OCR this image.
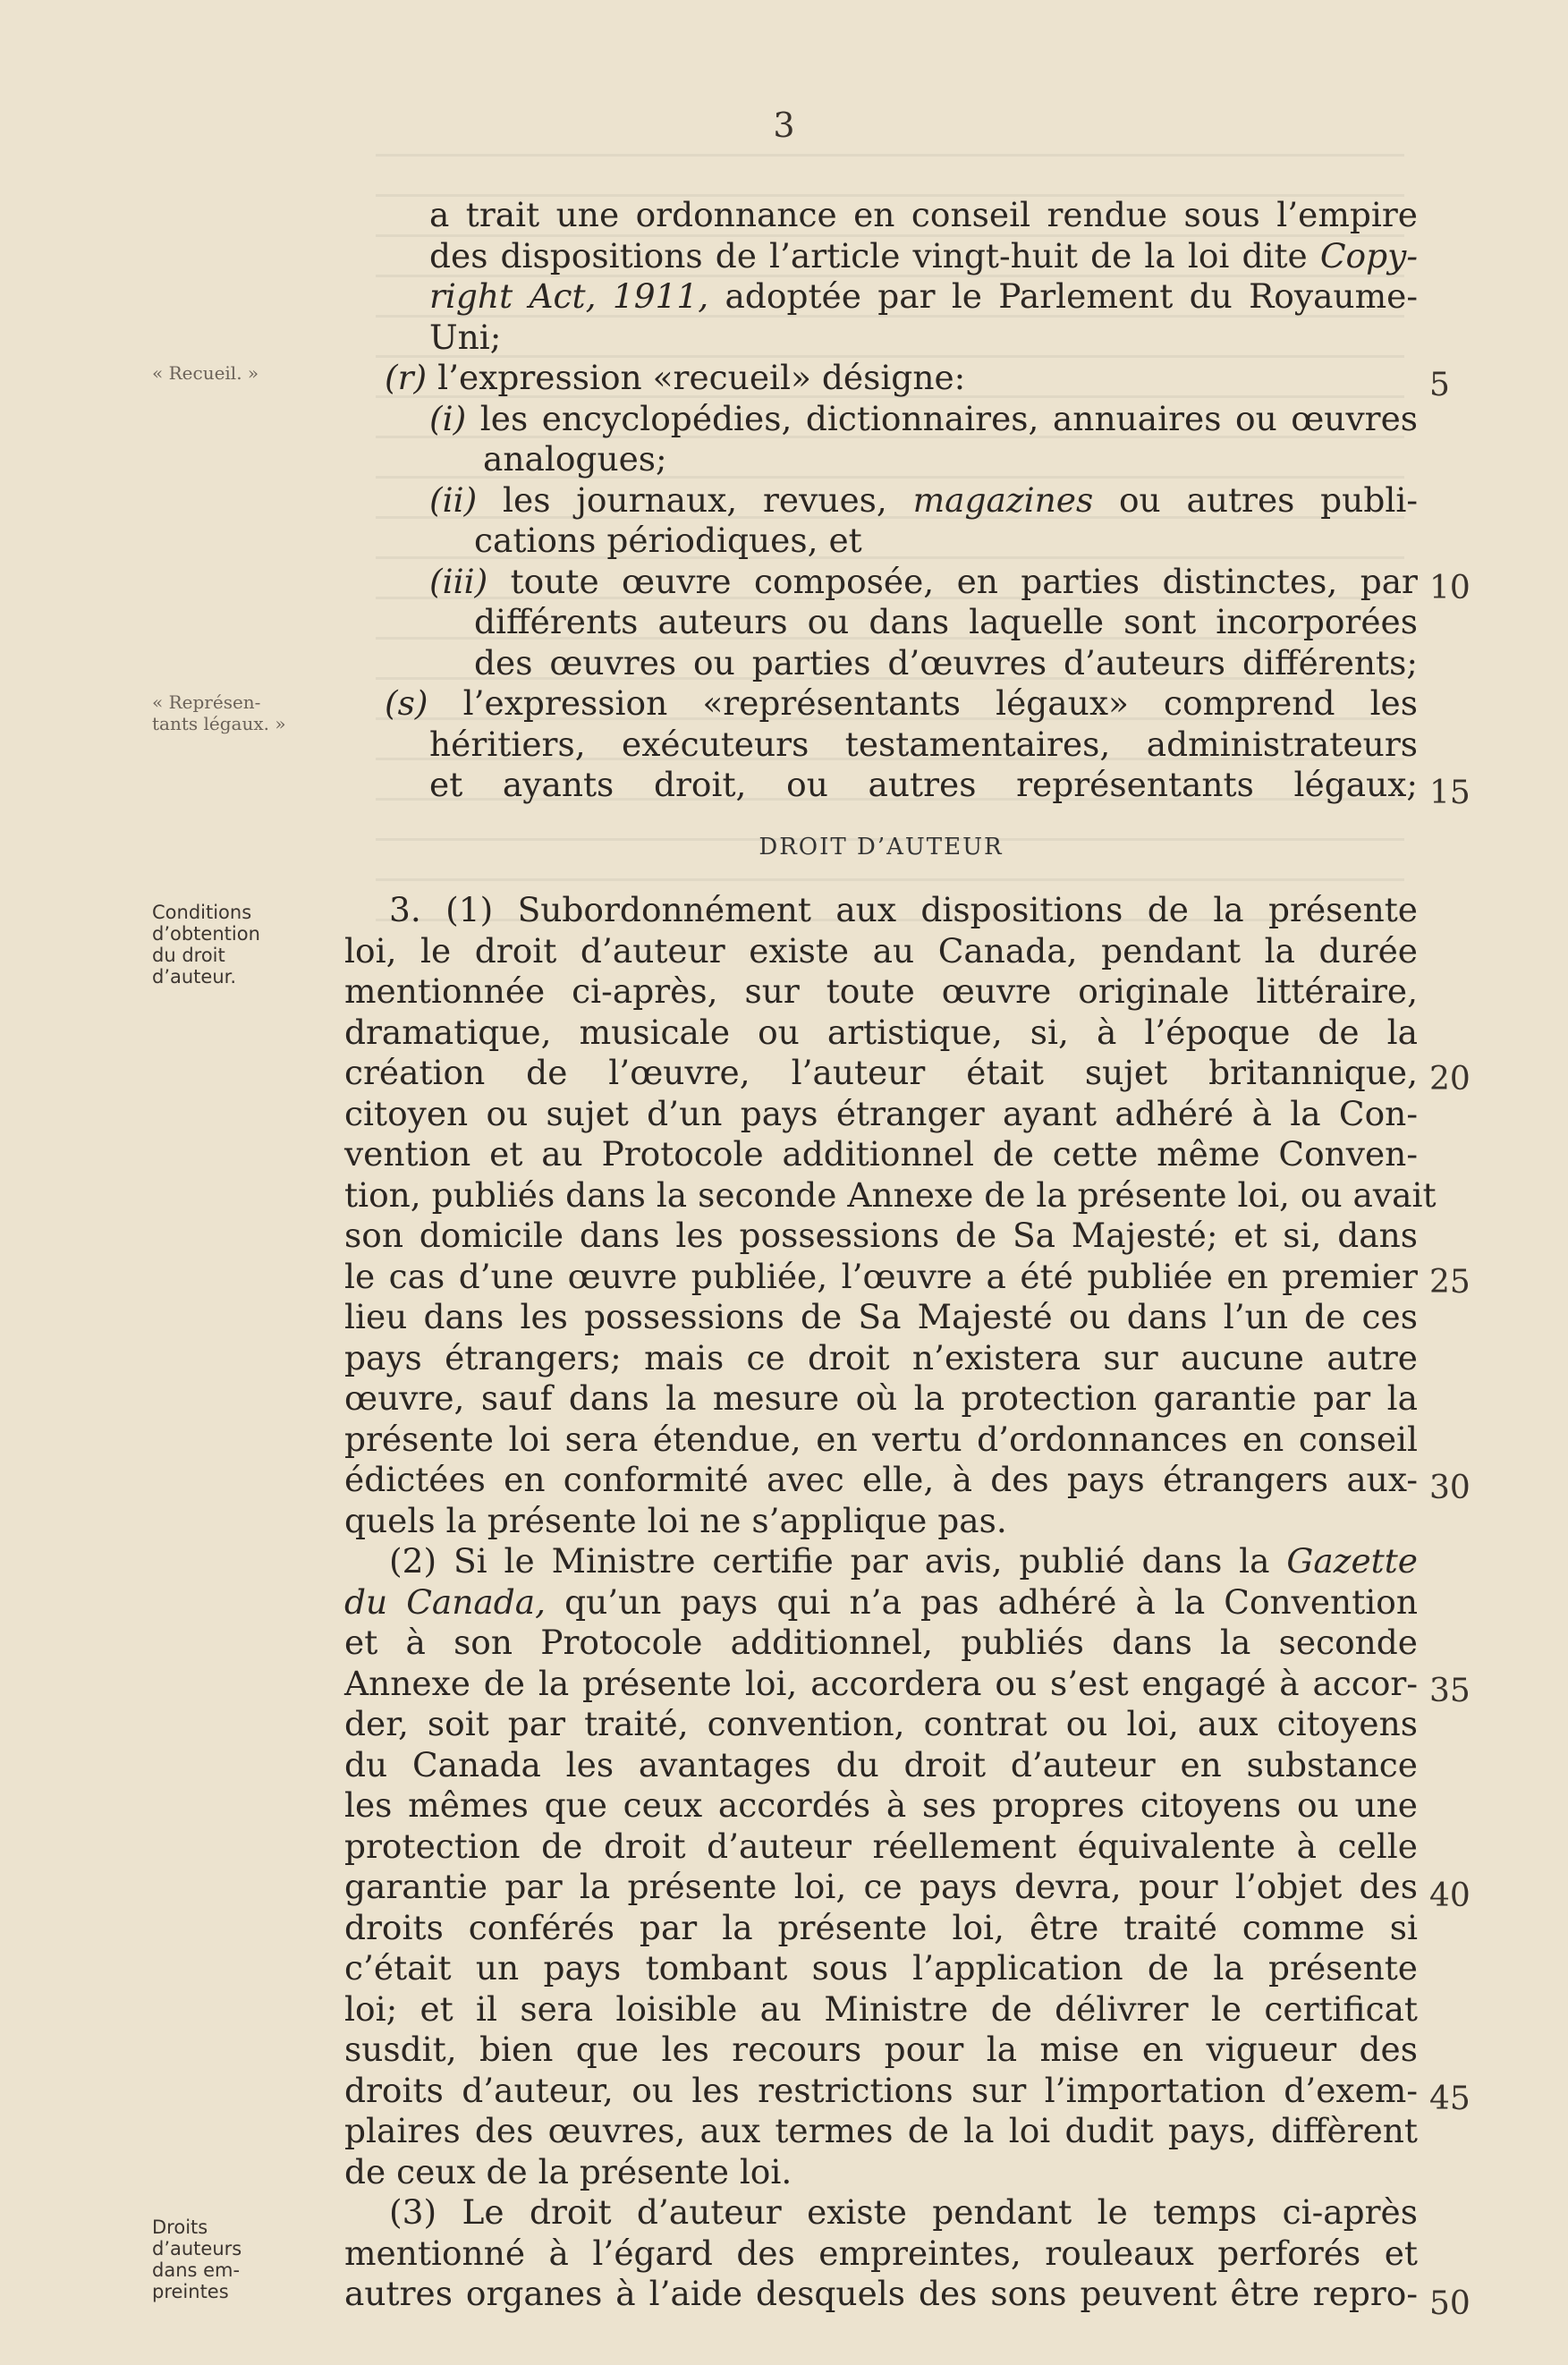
3
« Recueil. »
« Représen-
tants légaux. »
Conditions
d’obtention
du droit
d’auteur.
Droits
d’auteurs
dans em-
preintes
5
10
15
20
25
30
35
40
45
50
a trait une ordonnance en conseil rendue sous l’empire
des dispositions de l’article vingt-huit de la loi dite Copy-
right Act, 1911, adoptée par le Parlement du Royaume-
Uni;
(r) l’expression «recueil» désigne:
(i) les encyclopédies, dictionnaires, annuaires ou œuvres
analogues;
(ii) les journaux, revues, magazines ou autres publi-
cations périodiques, et
(iii) toute œuvre composée, en parties distinctes, par
différents auteurs ou dans laquelle sont incorporées
des œuvres ou parties d’œuvres d’auteurs différents;
(s) l’expression «représentants légaux» comprend les
héritiers, exécuteurs testamentaires, administrateurs
et ayants droit, ou autres représentants légaux;
DROIT D’AUTEUR
3. (1) Subordonnément aux dispositions de la présente
loi, le droit d’auteur existe au Canada, pendant la durée
mentionnée ci-après, sur toute œuvre originale littéraire,
dramatique, musicale ou artistique, si, à l’époque de la
création de l’œuvre, l’auteur était sujet britannique,
citoyen ou sujet d’un pays étranger ayant adhéré à la Con-
vention et au Protocole additionnel de cette même Conven-
tion, publiés dans la seconde Annexe de la présente loi, ou avait
son domicile dans les possessions de Sa Majesté; et si, dans
le cas d’une œuvre publiée, l’œuvre a été publiée en premier
lieu dans les possessions de Sa Majesté ou dans l’un de ces
pays étrangers; mais ce droit n’existera sur aucune autre
œuvre, sauf dans la mesure où la protection garantie par la
présente loi sera étendue, en vertu d’ordonnances en conseil
édictées en conformité avec elle, à des pays étrangers aux-
quels la présente loi ne s’applique pas.
(2) Si le Ministre certifie par avis, publié dans la Gazette
du Canada, qu’un pays qui n’a pas adhéré à la Convention
et à son Protocole additionnel, publiés dans la seconde
Annexe de la présente loi, accordera ou s’est engagé à accor-
der, soit par traité, convention, contrat ou loi, aux citoyens
du Canada les avantages du droit d’auteur en substance
les mêmes que ceux accordés à ses propres citoyens ou une
protection de droit d’auteur réellement équivalente à celle
garantie par la présente loi, ce pays devra, pour l’objet des
droits conférés par la présente loi, être traité comme si
c’était un pays tombant sous l’application de la présente
loi; et il sera loisible au Ministre de délivrer le certificat
susdit, bien que les recours pour la mise en vigueur des
droits d’auteur, ou les restrictions sur l’importation d’exem-
plaires des œuvres, aux termes de la loi dudit pays, diffèrent
de ceux de la présente loi.
(3) Le droit d’auteur existe pendant le temps ci-après
mentionné à l’égard des empreintes, rouleaux perforés et
autres organes à l’aide desquels des sons peuvent être repro-
